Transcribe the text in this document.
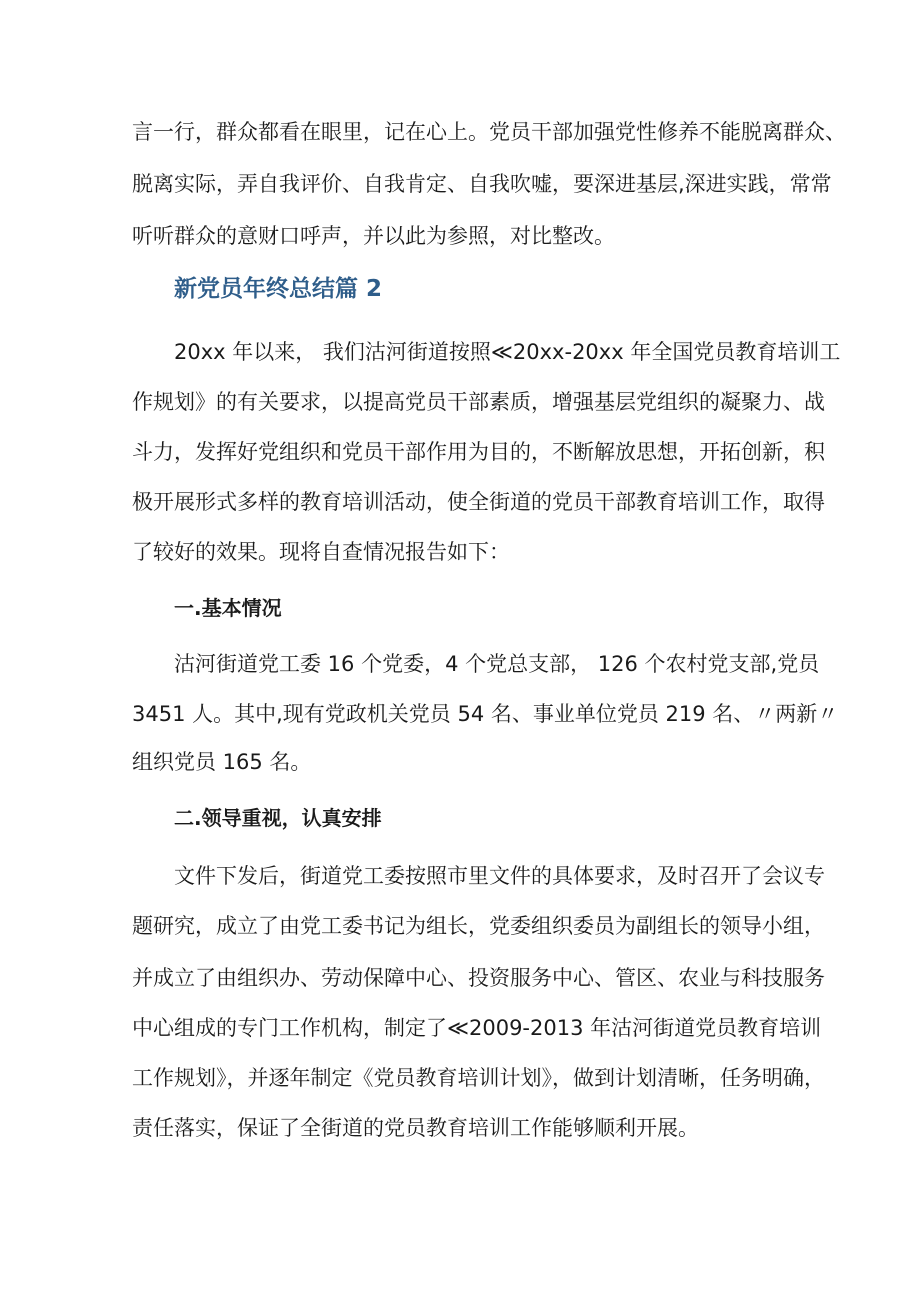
言一行，群众都看在眼里，记在心上。党员干部加强党性修养不能脱离群众、

脱离实际，弄自我评价、自我肯定、自我吹嘘，要深进基层,深进实践，常常

听听群众的意财口呼声，并以此为参照，对比整改。

新党员年终总结篇 2

20xx 年以来， 我们沽河街道按照≪20xx-20xx 年全国党员教育培训工

作规划》的有关要求，以提高党员干部素质，增强基层党组织的凝聚力、战

斗力，发挥好党组织和党员干部作用为目的，不断解放思想，开拓创新，积

极开展形式多样的教育培训活动，使全街道的党员干部教育培训工作，取得

了较好的效果。现将自查情况报告如下：

一.基本情况

沽河街道党工委 16 个党委，4 个党总支部， 126 个农村党支部,党员

3451 人。其中,现有党政机关党员 54 名、事业单位党员 219 名、〃两新〃

组织党员 165 名。

二.领导重视，认真安排

文件下发后，街道党工委按照市里文件的具体要求，及时召开了会议专

题研究，成立了由党工委书记为组长，党委组织委员为副组长的领导小组，

并成立了由组织办、劳动保障中心、投资服务中心、管区、农业与科技服务

中心组成的专门工作机构，制定了≪2009-2013 年沽河街道党员教育培训

工作规划》，并逐年制定《党员教育培训计划》，做到计划清晰，任务明确，

责任落实，保证了全街道的党员教育培训工作能够顺利开展。
